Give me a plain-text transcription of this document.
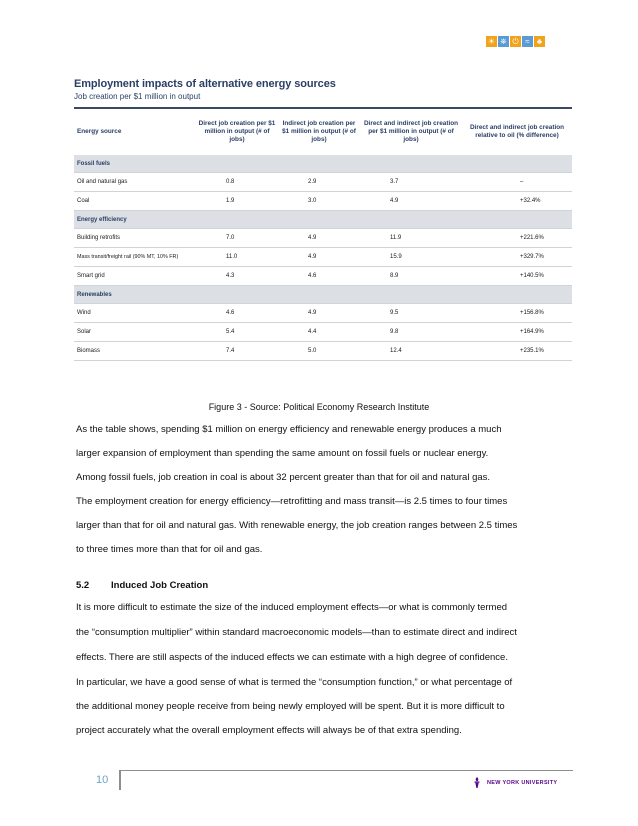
☀ ⛯ ⏻ ≈ ♣

Employment impacts of alternative energy sources

Job creation per $1 million in output

Energy source	Direct job creation per $1 million in output (# of jobs)	Indirect job creation per $1 million in output (# of jobs)	Direct and indirect job creation per $1 million in output (# of jobs)	Direct and indirect job creation relative to oil (% difference)
Fossil fuels				
Oil and natural gas	0.8	2.9	3.7	–
Coal	1.9	3.0	4.9	+32.4%
Energy efficiency				
Building retrofits	7.0	4.9	11.9	+221.6%
Mass transit/freight rail (90% MT, 10% FR)	11.0	4.9	15.9	+329.7%
Smart grid	4.3	4.6	8.9	+140.5%
Renewables				
Wind	4.6	4.9	9.5	+156.8%
Solar	5.4	4.4	9.8	+164.9%
Biomass	7.4	5.0	12.4	+235.1%
Figure 3 - Source: Political Economy Research Institute

As the table shows, spending $1 million on energy efficiency and renewable energy produces a much

larger expansion of employment than spending the same amount on fossil fuels or nuclear energy.

Among fossil fuels, job creation in coal is about 32 percent greater than that for oil and natural gas.

The employment creation for energy efficiency—retrofitting and mass transit—is 2.5 times to four times

larger than that for oil and natural gas. With renewable energy, the job creation ranges between 2.5 times

to three times more than that for oil and gas.

5.2 Induced Job Creation

It is more difficult to estimate the size of the induced employment effects—or what is commonly termed

the “consumption multiplier” within standard macroeconomic models—than to estimate direct and indirect

effects. There are still aspects of the induced effects we can estimate with a high degree of confidence.

In particular, we have a good sense of what is termed the “consumption function,” or what percentage of

the additional money people receive from being newly employed will be spent. But it is more difficult to

project accurately what the overall employment effects will always be of that extra spending.

10	NEW YORK UNIVERSITY
